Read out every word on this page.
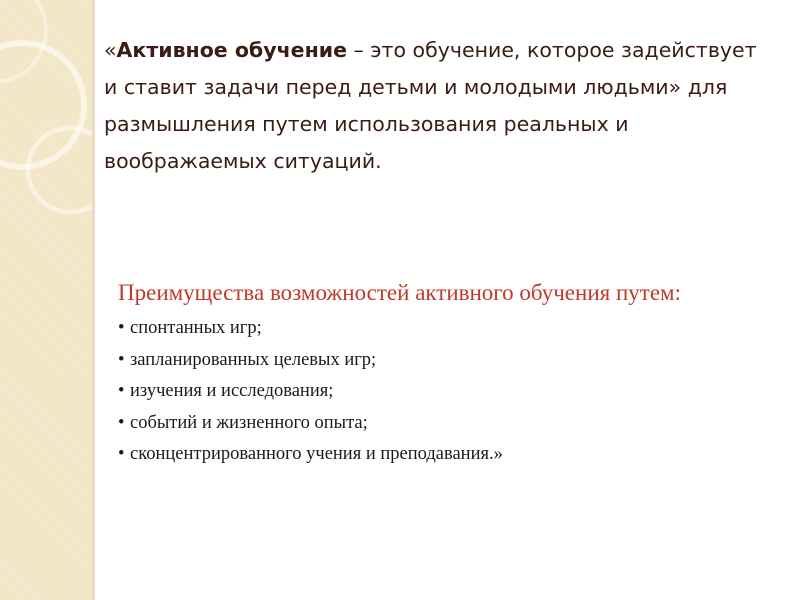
«Активное обучение – это обучение, которое задействует и ставит задачи перед детьми и молодыми людьми» для размышления путем использования реальных и воображаемых ситуаций.

Преимущества возможностей активного обучения путем:

• спонтанных игр;
• запланированных целевых игр;
• изучения и исследования;
• событий и жизненного опыта;
• сконцентрированного учения и преподавания.»
